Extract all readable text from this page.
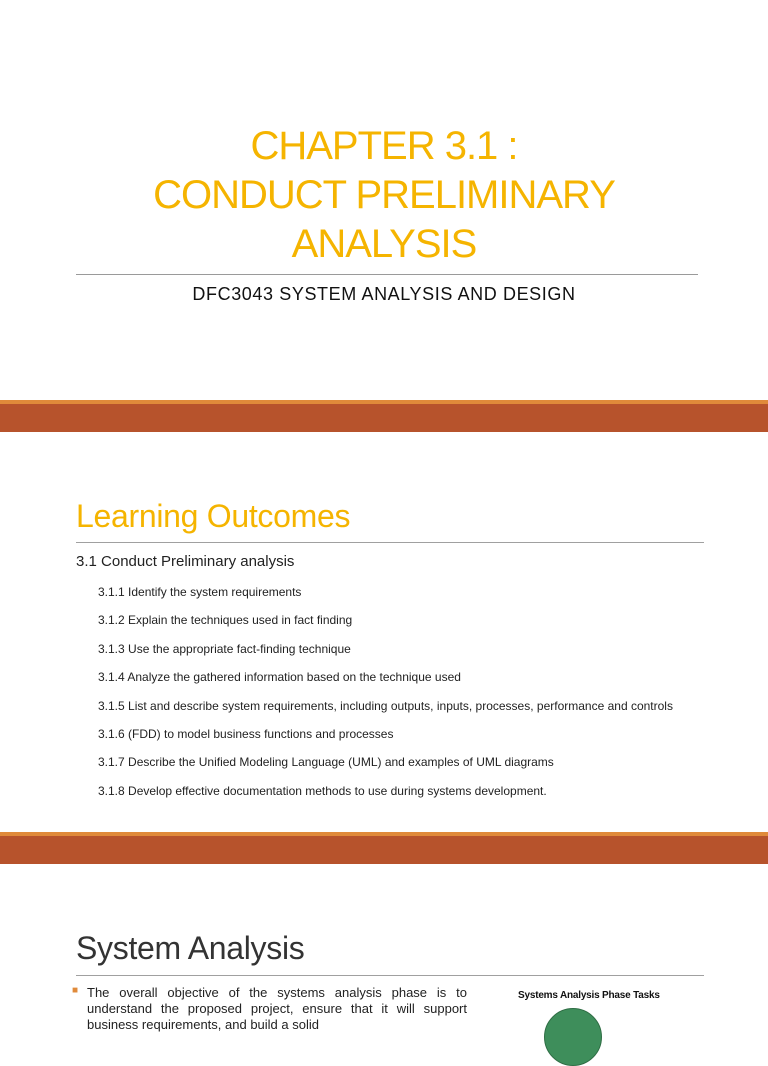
CHAPTER 3.1 :
CONDUCT PRELIMINARY
ANALYSIS
DFC3043 SYSTEM ANALYSIS AND DESIGN
Learning Outcomes
3.1 Conduct Preliminary analysis
3.1.1 Identify the system requirements
3.1.2 Explain the techniques used in fact finding
3.1.3 Use the appropriate fact-finding technique
3.1.4 Analyze the gathered information based on the technique used
3.1.5 List and describe system requirements, including outputs, inputs, processes, performance and controls
3.1.6 (FDD) to model business functions and processes
3.1.7 Describe the Unified Modeling Language (UML) and examples of UML diagrams
3.1.8 Develop effective documentation methods to use during systems development.
System Analysis
■ The overall objective of the systems analysis phase is to understand the proposed project, ensure that it will support business requirements, and build a solid
Systems Analysis Phase Tasks
